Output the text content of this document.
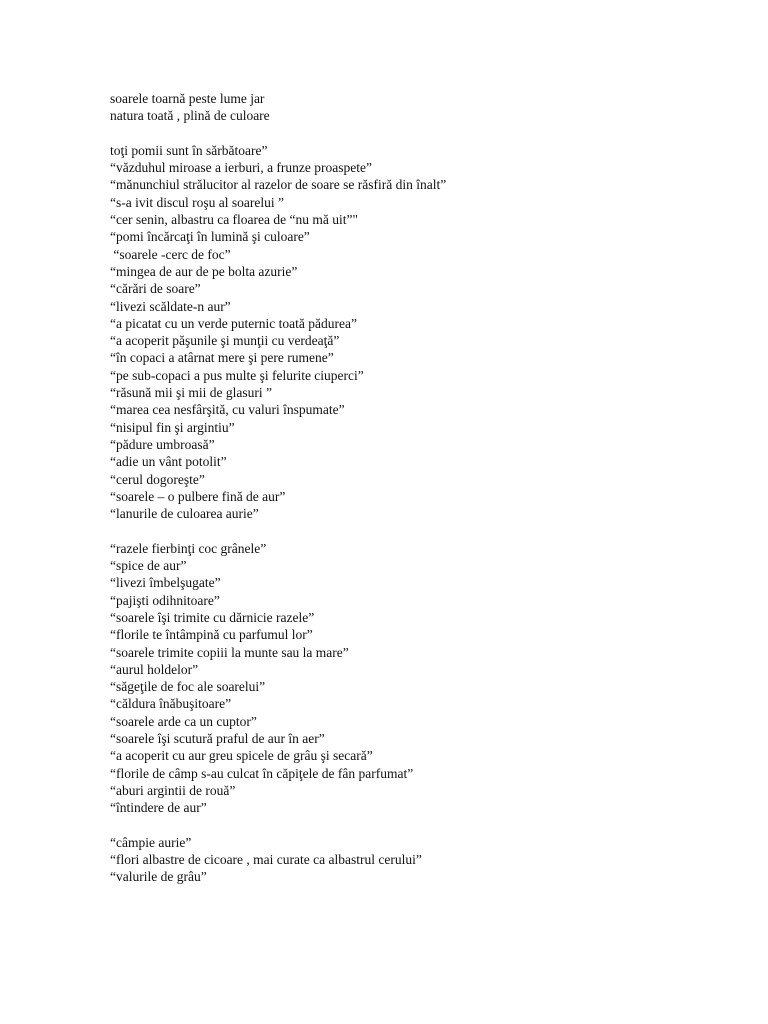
soarele toarnă peste lume jar
natura toată , plină de culoare
toţi pomii sunt în sărbătoare”
“văzduhul miroase a ierburi, a frunze proaspete”
“mănunchiul strălucitor al razelor de soare se răsfiră din înalt”
“s-a ivit discul roşu al soarelui ”
“cer senin, albastru ca floarea de “nu mă uit”"
“pomi încărcaţi în lumină şi culoare”
“soarele -cerc de foc”
“mingea de aur de pe bolta azurie”
“cărări de soare”
“livezi scăldate-n aur”
“a picatat cu un verde puternic toată pădurea”
“a acoperit păşunile şi munţii cu verdeaţă”
“în copaci a atârnat mere şi pere rumene”
“pe sub-copaci a pus multe şi felurite ciuperci”
“răsună mii şi mii de glasuri ”
“marea cea nesfârşită, cu valuri înspumate”
“nisipul fin şi argintiu”
“pădure umbroasă”
“adie un vânt potolit”
“cerul dogoreşte”
“soarele – o pulbere fină de aur”
“lanurile de culoarea aurie”
“razele fierbinţi coc grânele”
“spice de aur”
“livezi îmbelşugate”
“pajişti odihnitoare”
“soarele îşi trimite cu dărnicie razele”
“florile te întâmpină cu parfumul lor”
“soarele trimite copiii la munte sau la mare”
“aurul holdelor”
“săgeţile de foc ale soarelui”
“căldura înăbuşitoare”
“soarele arde ca un cuptor”
“soarele îşi scutură praful de aur în aer”
“a acoperit cu aur greu spicele de grâu şi secară”
“florile de câmp s-au culcat în căpiţele de fân parfumat”
“aburi argintii de rouă”
“întindere de aur”
“câmpie aurie”
“flori albastre de cicoare , mai curate ca albastrul cerului”
“valurile de grâu”
